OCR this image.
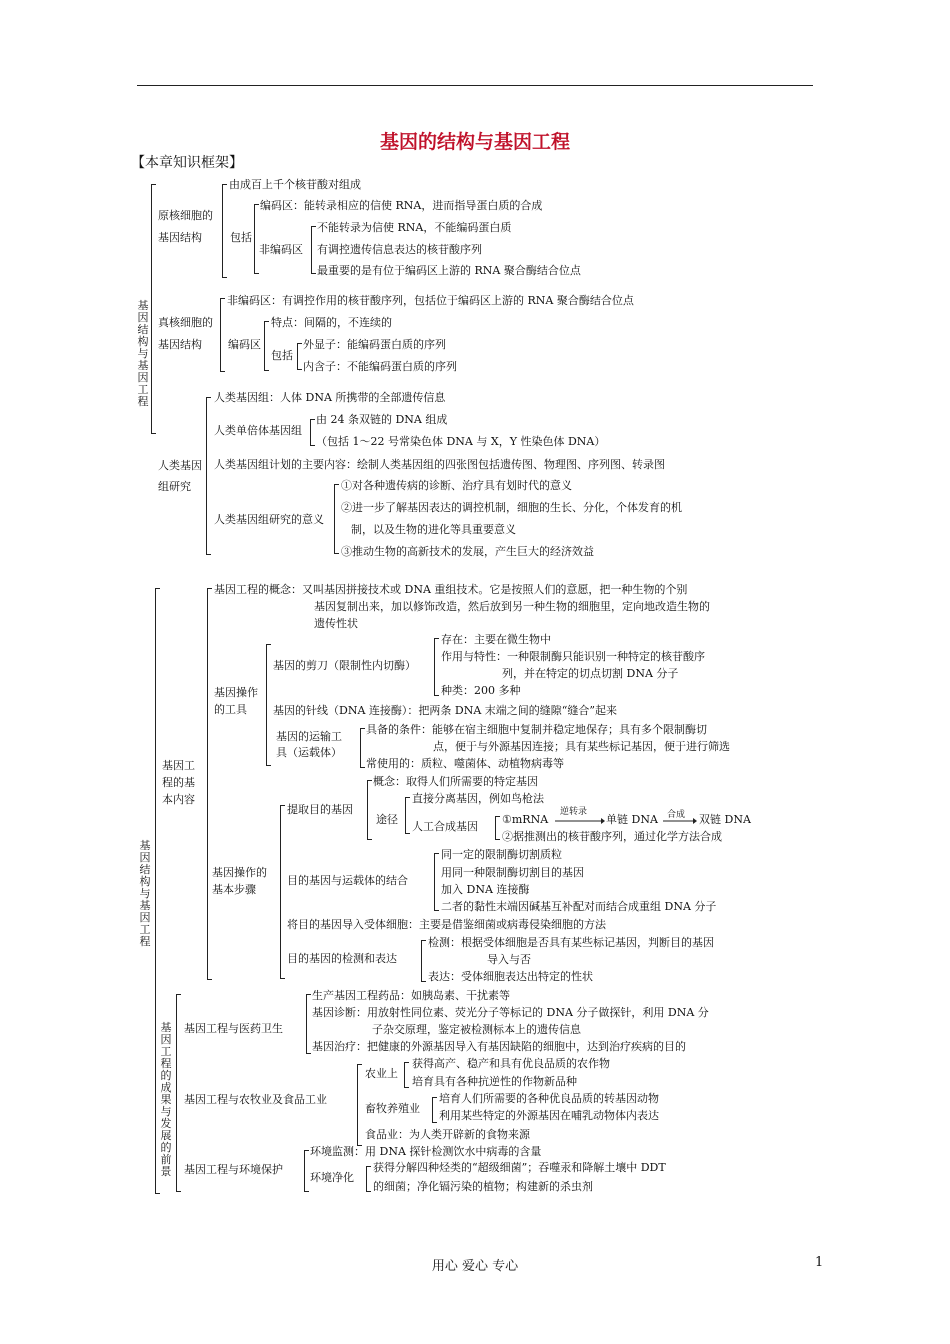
基因的结构与基因工程
【本章知识框架】
基因结构与基因工程
原核细胞的
基因结构
由成百上千个核苷酸对组成
包括
编码区：能转录相应的信使 RNA，进而指导蛋白质的合成
非编码区
不能转录为信使 RNA，不能编码蛋白质
有调控遗传信息表达的核苷酸序列
最重要的是有位于编码区上游的 RNA 聚合酶结合位点
真核细胞的
基因结构
非编码区：有调控作用的核苷酸序列，包括位于编码区上游的 RNA 聚合酶结合位点
编码区
特点：间隔的，不连续的
包括
外显子：能编码蛋白质的序列
内含子：不能编码蛋白质的序列
人类基因
组研究
人类基因组：人体 DNA 所携带的全部遗传信息
人类单倍体基因组
由 24 条双链的 DNA 组成
（包括 1～22 号常染色体 DNA 与 X，Y 性染色体 DNA）
人类基因组计划的主要内容：绘制人类基因组的四张图包括遗传图、物理图、序列图、转录图
人类基因组研究的意义
①对各种遗传病的诊断、治疗具有划时代的意义
②进一步了解基因表达的调控机制，细胞的生长、分化，个体发育的机
制，以及生物的进化等具重要意义
③推动生物的高新技术的发展，产生巨大的经济效益
基因结构与基因工程
基因工程的概念：又叫基因拼接技术或 DNA 重组技术。它是按照人们的意愿，把一种生物的个别
基因复制出来，加以修饰改造，然后放到另一种生物的细胞里，定向地改造生物的
遗传性状
基因工
程的基
本内容
基因操作
的工具
基因的剪刀（限制性内切酶）
存在：主要在微生物中
作用与特性：一种限制酶只能识别一种特定的核苷酸序
列，并在特定的切点切割 DNA 分子
种类：200 多种
基因的针线（DNA 连接酶）：把两条 DNA 末端之间的缝隙“缝合”起来
基因的运输工
具（运载体）
具备的条件：能够在宿主细胞中复制并稳定地保存；具有多个限制酶切
点，便于与外源基因连接；具有某些标记基因，便于进行筛选
常使用的：质粒、噬菌体、动植物病毒等
基因操作的
基本步骤
提取目的基因
概念：取得人们所需要的特定基因
途径
直接分离基因，例如鸟枪法
人工合成基因
①mRNA
逆转录
单链 DNA 合成 双链 DNA
②据推测出的核苷酸序列，通过化学方法合成
目的基因与运载体的结合
同一定的限制酶切割质粒
用同一种限制酶切割目的基因
加入 DNA 连接酶
二者的黏性末端因碱基互补配对而结合成重组 DNA 分子
将目的基因导入受体细胞：主要是借鉴细菌或病毒侵染细胞的方法
目的基因的检测和表达
检测：根据受体细胞是否具有某些标记基因，判断目的基因
导入与否
表达：受体细胞表达出特定的性状
基因工程的成果与发展的前景
基因工程与医药卫生
生产基因工程药品：如胰岛素、干扰素等
基因诊断：用放射性同位素、荧光分子等标记的 DNA 分子做探针，利用 DNA 分
子杂交原理，鉴定被检测标本上的遗传信息
基因治疗：把健康的外源基因导入有基因缺陷的细胞中，达到治疗疾病的目的
基因工程与农牧业及食品工业
农业上
获得高产、稳产和具有优良品质的农作物
培育具有各种抗逆性的作物新品种
畜牧养殖业
培育人们所需要的各种优良品质的转基因动物
利用某些特定的外源基因在哺乳动物体内表达
食品业：为人类开辟新的食物来源
基因工程与环境保护
环境监测：用 DNA 探针检测饮水中病毒的含量
环境净化
获得分解四种烃类的“超级细菌”；吞噬汞和降解土壤中 DDT
的细菌；净化镉污染的植物；构建新的杀虫剂
用心 爱心 专心	1
